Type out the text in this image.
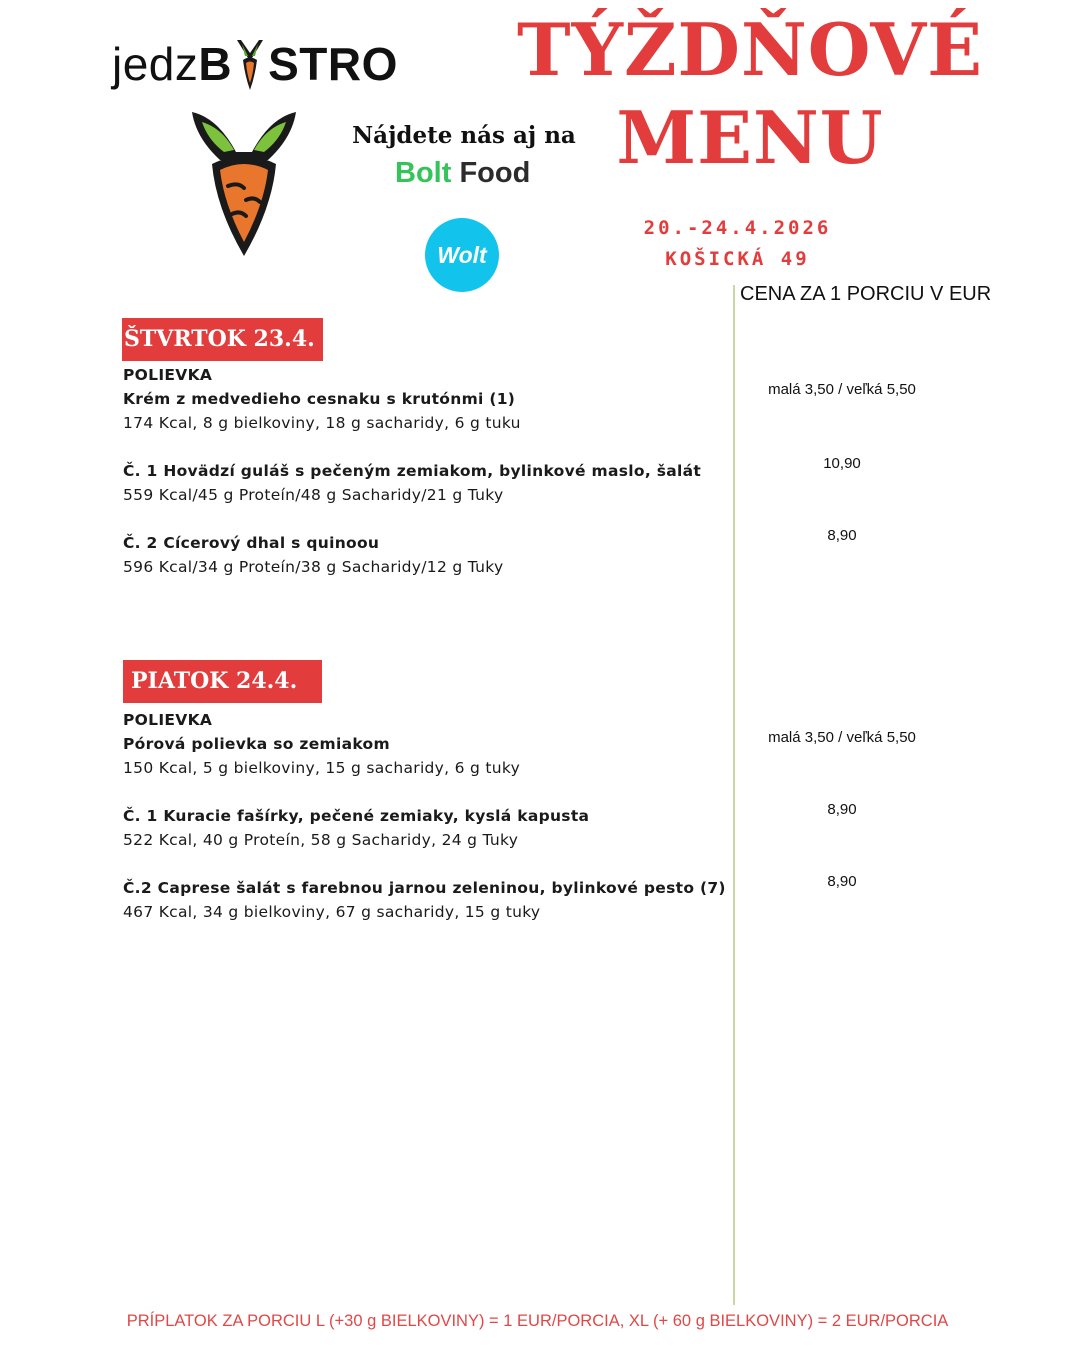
jedz B STRO
Nájdete nás aj na
Bolt Food
Wolt
TÝŽDŇOVÉ
MENU
20.-24.4.2026
KOŠICKÁ 49
CENA ZA 1 PORCIU V EUR
ŠTVRTOK 23.4.
POLIEVKA
Krém z medvedieho cesnaku s krutónmi (1)
174 Kcal, 8 g bielkoviny, 18 g sacharidy, 6 g tuku
malá 3,50 / veľká 5,50
Č. 1 Hovädzí guláš s pečeným zemiakom, bylinkové maslo, šalát
559 Kcal/45 g Proteín/48 g Sacharidy/21 g Tuky
10,90
Č. 2 Cícerový dhal s quinoou
596 Kcal/34 g Proteín/38 g Sacharidy/12 g Tuky
8,90
PIATOK 24.4.
POLIEVKA
Pórová polievka so zemiakom
150 Kcal, 5 g bielkoviny, 15 g sacharidy, 6 g tuky
malá 3,50 / veľká 5,50
Č. 1 Kuracie fašírky, pečené zemiaky, kyslá kapusta
522 Kcal, 40 g Proteín, 58 g Sacharidy, 24 g Tuky
8,90
Č.2 Caprese šalát s farebnou jarnou zeleninou, bylinkové pesto (7)
467 Kcal, 34 g bielkoviny, 67 g sacharidy, 15 g tuky
8,90
PRÍPLATOK ZA PORCIU L (+30 g BIELKOVINY) = 1 EUR/PORCIA, XL (+ 60 g BIELKOVINY) = 2 EUR/PORCIA
